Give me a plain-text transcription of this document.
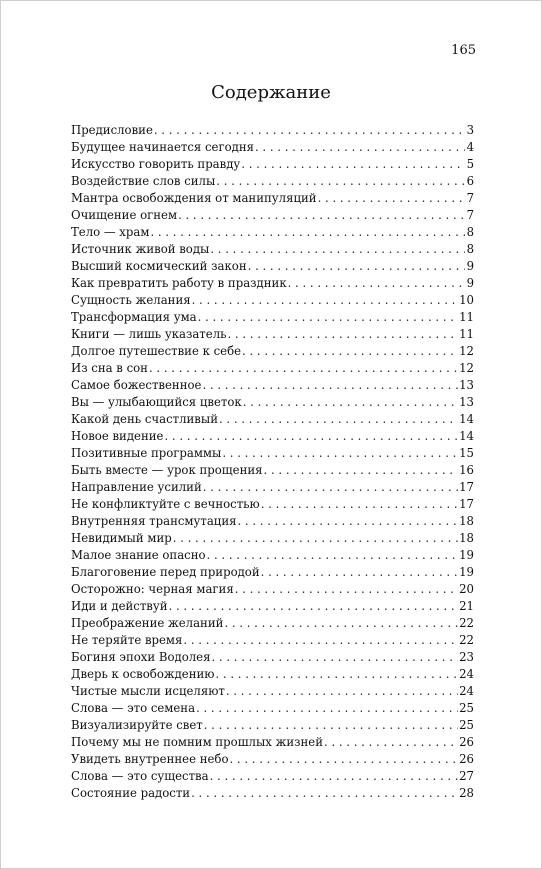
165
Содержание
Предисловие . . .	3
Будущее начинается сегодня . . .	4
Искусство говорить правду . . .	5
Воздействие слов силы . . .	6
Мантра освобождения от манипуляций . . .	7
Очищение огнем . . .	7
Тело — храм . . .	8
Источник живой воды . . .	8
Высший космический закон . . .	9
Как превратить работу в праздник . . .	9
Сущность желания . . .	10
Трансформация ума . . .	11
Книги — лишь указатель . . .	11
Долгое путешествие к себе . . .	12
Из сна в сон . . .	12
Самое божественное . . .	13
Вы — улыбающийся цветок . . .	13
Какой день счастливый . . .	14
Новое видение . . .	14
Позитивные программы . . .	15
Быть вместе — урок прощения . . .	16
Направление усилий . . .	17
Не конфликтуйте с вечностью . . .	17
Внутренняя трансмутация . . .	18
Невидимый мир . . .	18
Малое знание опасно . . .	19
Благоговение перед природой . . .	19
Осторожно: черная магия . . .	20
Иди и действуй . . .	21
Преображение желаний . . .	22
Не теряйте время . . .	22
Богиня эпохи Водолея . . .	23
Дверь к освобождению . . .	24
Чистые мысли исцеляют . . .	24
Слова — это семена . . .	25
Визуализируйте свет . . .	25
Почему мы не помним прошлых жизней . . .	26
Увидеть внутреннее небо . . .	26
Слова — это существа . . .	27
Состояние радости . . .	28
